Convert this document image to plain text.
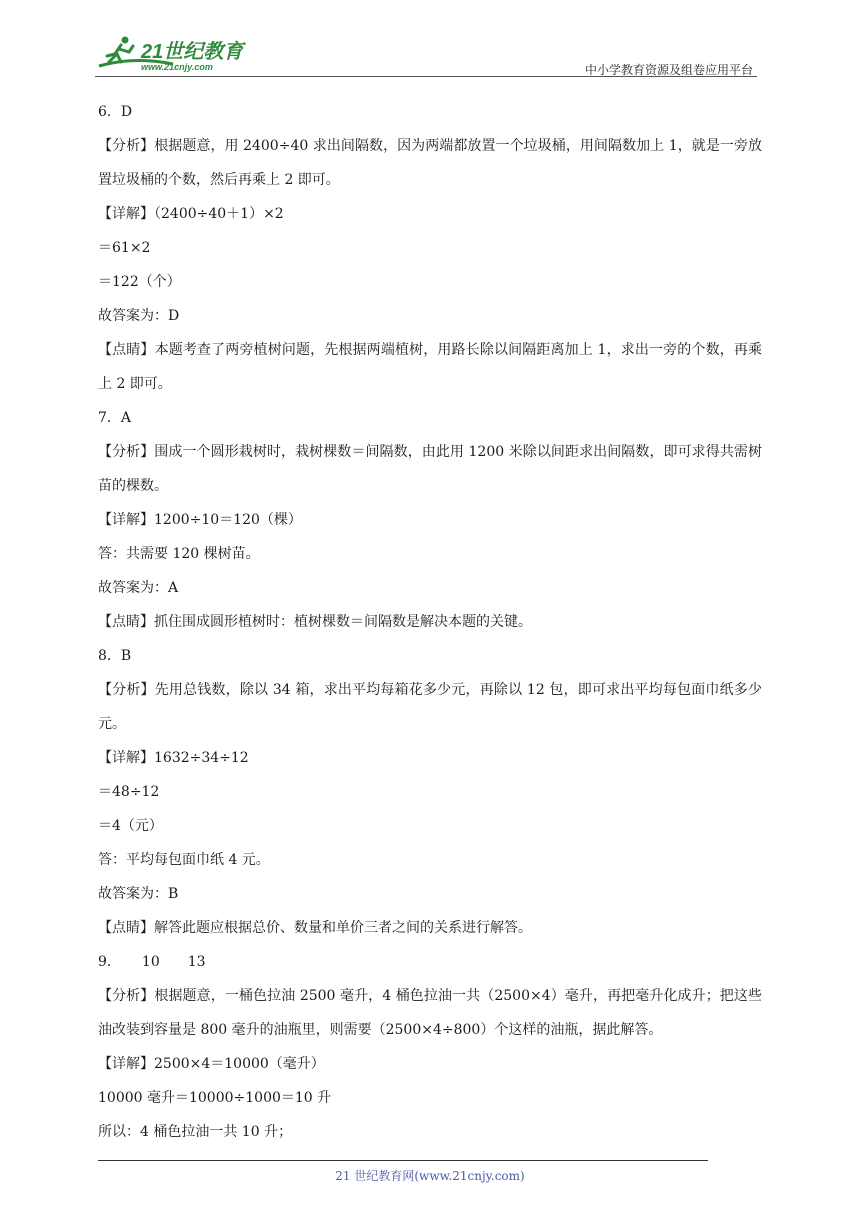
21世纪教育
www.21cnjy.com	中小学教育资源及组卷应用平台

6．D

【分析】根据题意，用 2400÷40 求出间隔数，因为两端都放置一个垃圾桶，用间隔数加上 1，就是一旁放置垃圾桶的个数，然后再乘上 2 即可。

【详解】（2400÷40＋1）×2

＝61×2

＝122（个）

故答案为：D

【点睛】本题考查了两旁植树问题，先根据两端植树，用路长除以间隔距离加上 1，求出一旁的个数，再乘上 2 即可。

7．A

【分析】围成一个圆形栽树时，栽树棵数＝间隔数，由此用 1200 米除以间距求出间隔数，即可求得共需树苗的棵数。

【详解】1200÷10＝120（棵）

答：共需要 120 棵树苗。

故答案为：A

【点睛】抓住围成圆形植树时：植树棵数＝间隔数是解决本题的关键。

8．B

【分析】先用总钱数，除以 34 箱，求出平均每箱花多少元，再除以 12 包，即可求出平均每包面巾纸多少元。

【详解】1632÷34÷12

＝48÷12

＝4（元）

答：平均每包面巾纸 4 元。

故答案为：B

【点睛】解答此题应根据总价、数量和单价三者之间的关系进行解答。

9．　　10　　13

【分析】根据题意，一桶色拉油 2500 毫升，4 桶色拉油一共（2500×4）毫升，再把毫升化成升；把这些油改装到容量是 800 毫升的油瓶里，则需要（2500×4÷800）个这样的油瓶，据此解答。

【详解】2500×4＝10000（毫升）

10000 毫升＝10000÷1000＝10 升

所以：4 桶色拉油一共 10 升；

21 世纪教育网(www.21cnjy.com)
